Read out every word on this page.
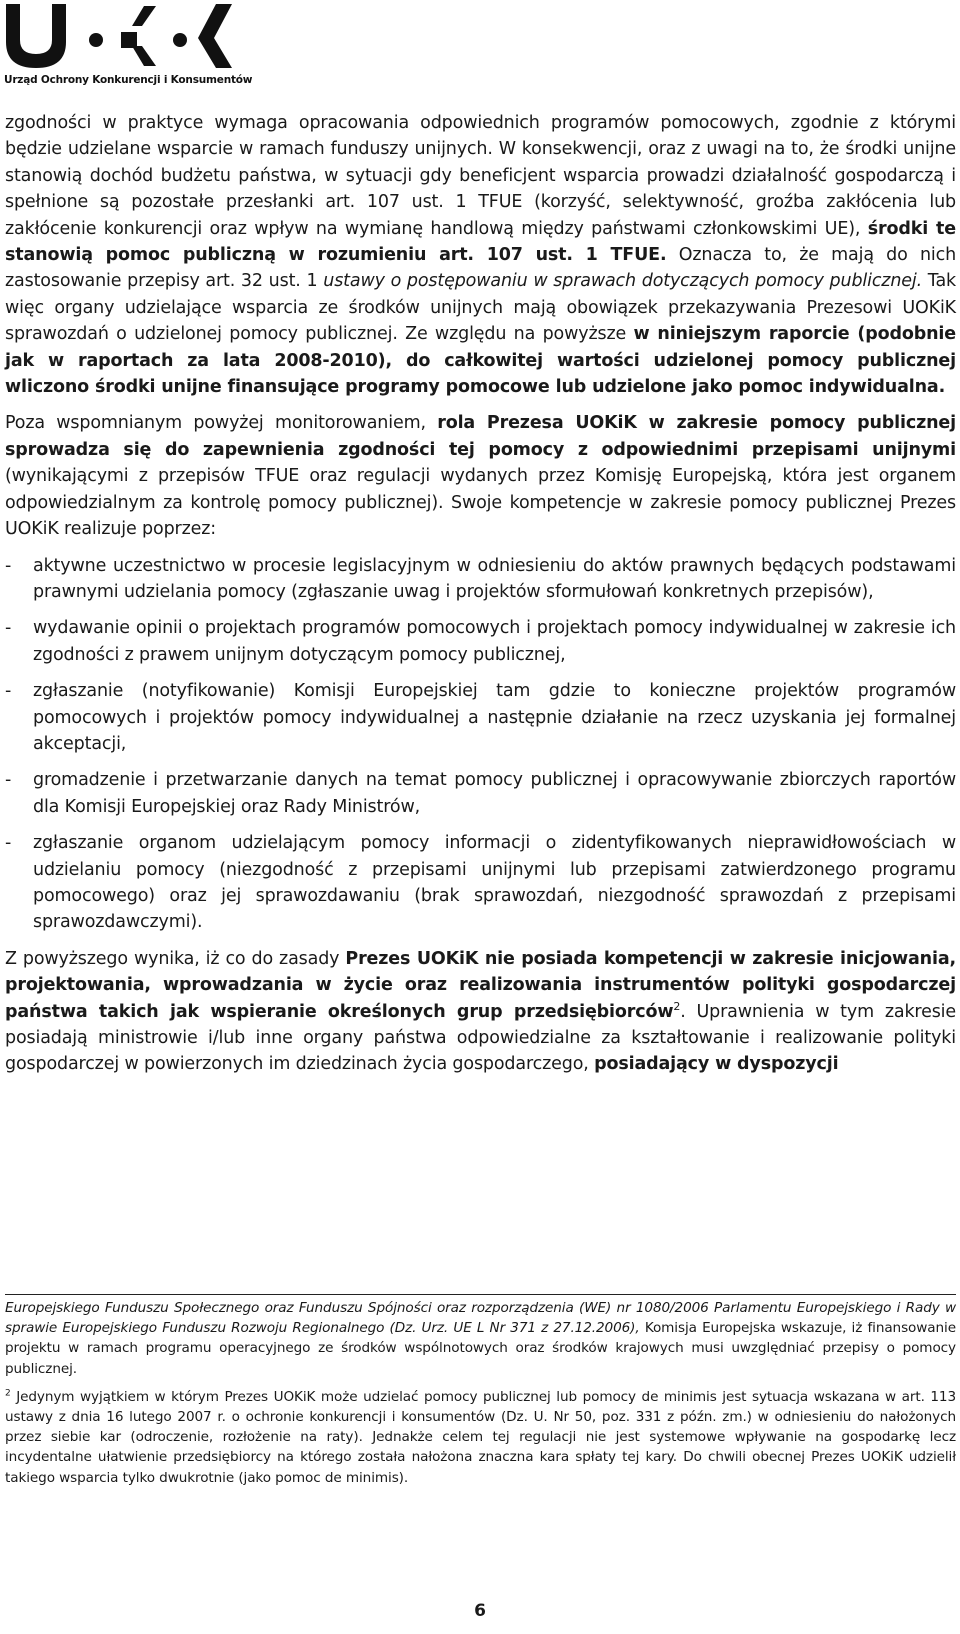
Urząd Ochrony Konkurencji i Konsumentów

zgodności w praktyce wymaga opracowania odpowiednich programów pomocowych, zgodnie z którymi będzie udzielane wsparcie w ramach funduszy unijnych. W konsekwencji, oraz z uwagi na to, że środki unijne stanowią dochód budżetu państwa, w sytuacji gdy beneficjent wsparcia prowadzi działalność gospodarczą i spełnione są pozostałe przesłanki art. 107 ust. 1 TFUE (korzyść, selektywność, groźba zakłócenia lub zakłócenie konkurencji oraz wpływ na wymianę handlową między państwami członkowskimi UE), środki te stanowią pomoc publiczną w rozumieniu art. 107 ust. 1 TFUE. Oznacza to, że mają do nich zastosowanie przepisy art. 32 ust. 1 ustawy o postępowaniu w sprawach dotyczących pomocy publicznej. Tak więc organy udzielające wsparcia ze środków unijnych mają obowiązek przekazywania Prezesowi UOKiK sprawozdań o udzielonej pomocy publicznej. Ze względu na powyższe w niniejszym raporcie (podobnie jak w raportach za lata 2008-2010), do całkowitej wartości udzielonej pomocy publicznej wliczono środki unijne finansujące programy pomocowe lub udzielone jako pomoc indywidualna.

Poza wspomnianym powyżej monitorowaniem, rola Prezesa UOKiK w zakresie pomocy publicznej sprowadza się do zapewnienia zgodności tej pomocy z odpowiednimi przepisami unijnymi (wynikającymi z przepisów TFUE oraz regulacji wydanych przez Komisję Europejską, która jest organem odpowiedzialnym za kontrolę pomocy publicznej). Swoje kompetencje w zakresie pomocy publicznej Prezes UOKiK realizuje poprzez:

- aktywne uczestnictwo w procesie legislacyjnym w odniesieniu do aktów prawnych będących podstawami prawnymi udzielania pomocy (zgłaszanie uwag i projektów sformułowań konkretnych przepisów),
- wydawanie opinii o projektach programów pomocowych i projektach pomocy indywidualnej w zakresie ich zgodności z prawem unijnym dotyczącym pomocy publicznej,
- zgłaszanie (notyfikowanie) Komisji Europejskiej tam gdzie to konieczne projektów programów pomocowych i projektów pomocy indywidualnej a następnie działanie na rzecz uzyskania jej formalnej akceptacji,
- gromadzenie i przetwarzanie danych na temat pomocy publicznej i opracowywanie zbiorczych raportów dla Komisji Europejskiej oraz Rady Ministrów,
- zgłaszanie organom udzielającym pomocy informacji o zidentyfikowanych nieprawidłowościach w udzielaniu pomocy (niezgodność z przepisami unijnymi lub przepisami zatwierdzonego programu pomocowego) oraz jej sprawozdawaniu (brak sprawozdań, niezgodność sprawozdań z przepisami sprawozdawczymi).

Z powyższego wynika, iż co do zasady Prezes UOKiK nie posiada kompetencji w zakresie inicjowania, projektowania, wprowadzania w życie oraz realizowania instrumentów polityki gospodarczej państwa takich jak wspieranie określonych grup przedsiębiorców$^2$. Uprawnienia w tym zakresie posiadają ministrowie i/lub inne organy państwa odpowiedzialne za kształtowanie i realizowanie polityki gospodarczej w powierzonych im dziedzinach życia gospodarczego, posiadający w dyspozycji

Europejskiego Funduszu Społecznego oraz Funduszu Spójności oraz rozporządzenia (WE) nr 1080/2006 Parlamentu Europejskiego i Rady w sprawie Europejskiego Funduszu Rozwoju Regionalnego (Dz. Urz. UE L Nr 371 z 27.12.2006), Komisja Europejska wskazuje, iż finansowanie projektu w ramach programu operacyjnego ze środków wspólnotowych oraz środków krajowych musi uwzględniać przepisy o pomocy publicznej.

$^2$ Jedynym wyjątkiem w którym Prezes UOKiK może udzielać pomocy publicznej lub pomocy de minimis jest sytuacja wskazana w art. 113 ustawy z dnia 16 lutego 2007 r. o ochronie konkurencji i konsumentów (Dz. U. Nr 50, poz. 331 z późn. zm.) w odniesieniu do nałożonych przez siebie kar (odroczenie, rozłożenie na raty). Jednakże celem tej regulacji nie jest systemowe wpływanie na gospodarkę lecz incydentalne ułatwienie przedsiębiorcy na którego została nałożona znaczna kara spłaty tej kary. Do chwili obecnej Prezes UOKiK udzielił takiego wsparcia tylko dwukrotnie (jako pomoc de minimis).

6
